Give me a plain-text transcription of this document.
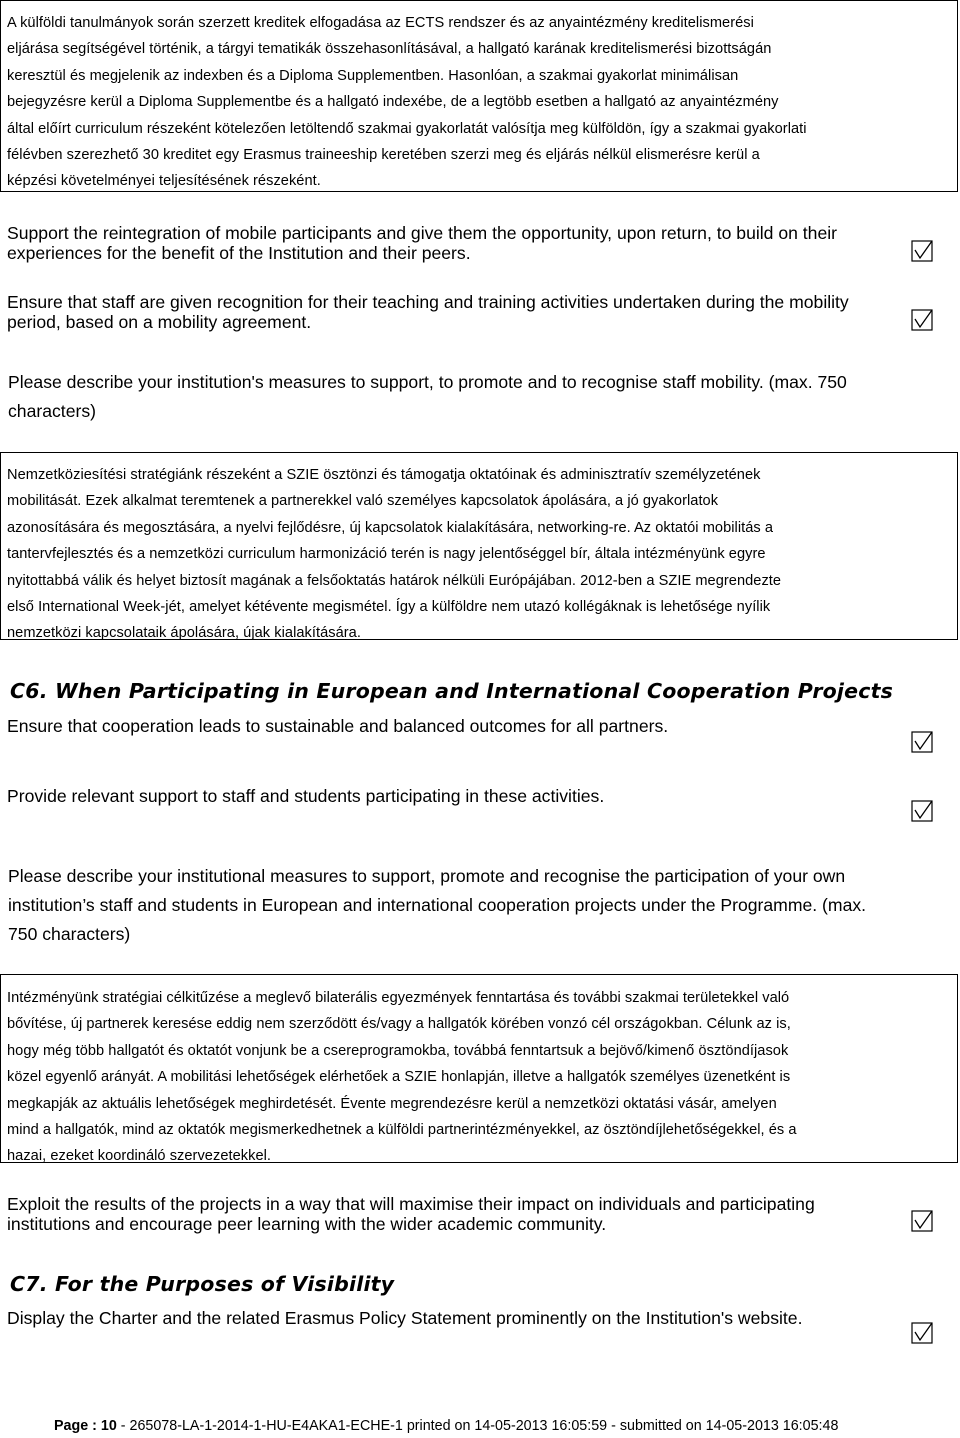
A külföldi tanulmányok során szerzett kreditek elfogadása az ECTS rendszer és az anyaintézmény kreditelismerési

eljárása segítségével történik, a tárgyi tematikák összehasonlításával, a hallgató karának kreditelismerési bizottságán

keresztül és megjelenik az indexben és a Diploma Supplementben. Hasonlóan, a szakmai gyakorlat minimálisan

bejegyzésre kerül a Diploma Supplementbe és a hallgató indexébe, de a legtöbb esetben a hallgató az anyaintézmény

által előírt curriculum részeként kötelezően letöltendő szakmai gyakorlatát valósítja meg külföldön, így a szakmai gyakorlati

félévben szerezhető 30 kreditet egy Erasmus traineeship keretében szerzi meg és eljárás nélkül elismerésre kerül a

képzési követelményei teljesítésének részeként.

Support the reintegration of mobile participants and give them the opportunity, upon return, to build on their experiences for the benefit of the Institution and their peers.

Ensure that staff are given recognition for their teaching and training activities undertaken during the mobility period, based on a mobility agreement.

Please describe your institution's measures to support, to promote and to recognise staff mobility. (max. 750

characters)

Nemzetköziesítési stratégiánk részeként a SZIE ösztönzi és támogatja oktatóinak és adminisztratív személyzetének

mobilitását. Ezek alkalmat teremtenek a partnerekkel való személyes kapcsolatok ápolására, a jó gyakorlatok

azonosítására és megosztására, a nyelvi fejlődésre, új kapcsolatok kialakítására, networking-re. Az oktatói mobilitás a

tantervfejlesztés és a nemzetközi curriculum harmonizáció terén is nagy jelentőséggel bír, általa intézményünk egyre

nyitottabbá válik és helyet biztosít magának a felsőoktatás határok nélküli Európájában. 2012-ben a SZIE megrendezte

első International Week-jét, amelyet kétévente megismétel. Így a külföldre nem utazó kollégáknak is lehetősége nyílik

nemzetközi kapcsolataik ápolására, újak kialakítására.

C6. When Participating in European and International Cooperation Projects

Ensure that cooperation leads to sustainable and balanced outcomes for all partners.

Provide relevant support to staff and students participating in these activities.

Please describe your institutional measures to support, promote and recognise the participation of your own

institution’s staff and students in European and international cooperation projects under the Programme. (max.

750 characters)

Intézményünk stratégiai célkitűzése a meglevő bilaterális egyezmények fenntartása és további szakmai területekkel való

bővítése, új partnerek keresése eddig nem szerződött és/vagy a hallgatók körében vonzó cél országokban. Célunk az is,

hogy még több hallgatót és oktatót vonjunk be a csereprogramokba, továbbá fenntartsuk a bejövő/kimenő ösztöndíjasok

közel egyenlő arányát. A mobilitási lehetőségek elérhetőek a SZIE honlapján, illetve a hallgatók személyes üzenetként is

megkapják az aktuális lehetőségek meghirdetését. Évente megrendezésre kerül a nemzetközi oktatási vásár, amelyen

mind a hallgatók, mind az oktatók megismerkedhetnek a külföldi partnerintézményekkel, az ösztöndíjlehetőségekkel, és a

hazai, ezeket koordináló szervezetekkel.

Exploit the results of the projects in a way that will maximise their impact on individuals and participating institutions and encourage peer learning with the wider academic community.

C7. For the Purposes of Visibility

Display the Charter and the related Erasmus Policy Statement prominently on the Institution's website.

Page : 10 - 265078-LA-1-2014-1-HU-E4AKA1-ECHE-1 printed on 14-05-2013 16:05:59 - submitted on 14-05-2013 16:05:48
